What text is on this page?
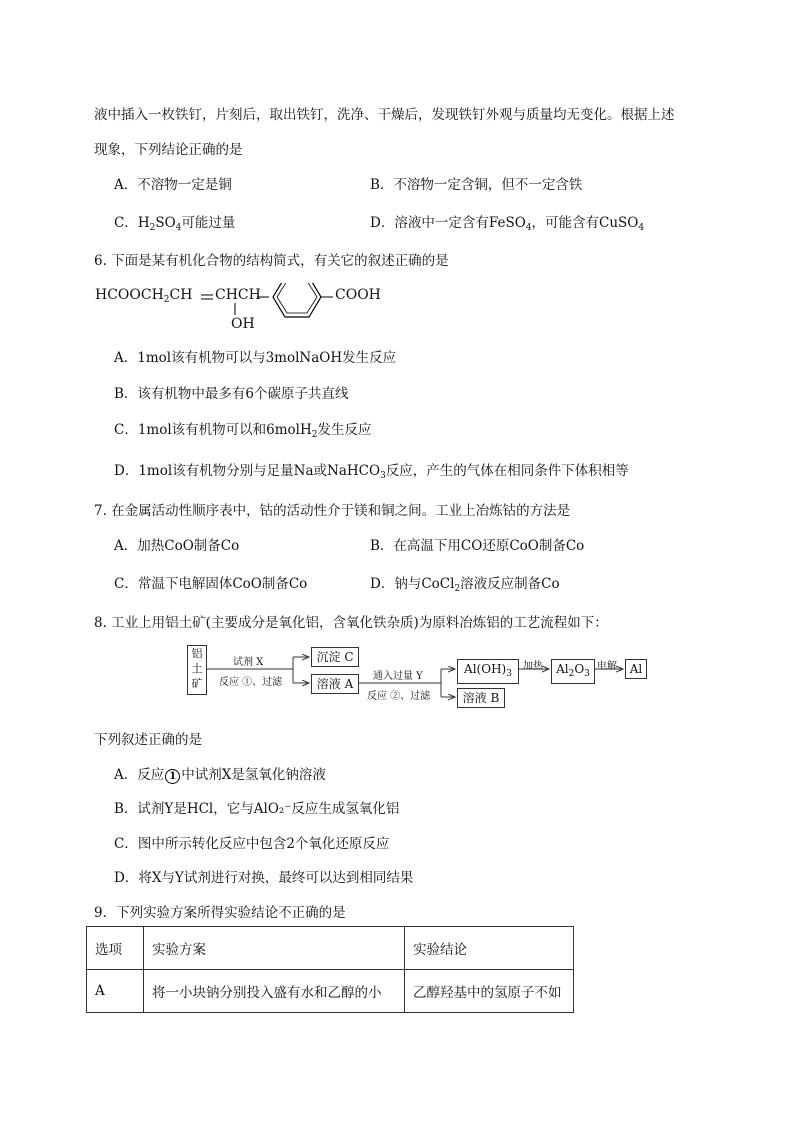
液中插入一枚铁钉，片刻后，取出铁钉，洗净、干燥后，发现铁钉外观与质量均无变化。根据上述
现象，下列结论正确的是
A．不溶物一定是铜	B．不溶物一定含铜，但不一定含铁
C．$H_2SO_4$可能过量	D．溶液中一定含有FeSO$_4$，可能含有CuSO$_4$
6. 下面是某有机化合物的结构简式，有关它的叙述正确的是
$HCOOCH_2CH$ CHCH	COOH
OH
A．1mol该有机物可以与3molNaOH发生反应
B．该有机物中最多有6个碳原子共直线
C．1mol该有机物可以和6molH$_2$发生反应
D．1mol该有机物分别与足量Na或NaHCO$_3$反应，产生的气体在相同条件下体积相等
7. 在金属活动性顺序表中，钴的活动性介于镁和铜之间。工业上冶炼钴的方法是
A．加热CoO制备Co	B．在高温下用CO还原CoO制备Co
C．常温下电解固体CoO制备Co	D．钠与CoCl$_2$溶液反应制备Co
8. 工业上用铝土矿(主要成分是氧化铝，含氧化铁杂质)为原料冶炼铝的工艺流程如下：
铝土矿
试剂 X
反应 ①、过滤
沉淀 C
溶液 A
通入过量 Y
反应 ②、过滤
$Al(OH)_3$
溶液 B
加热	$Al_2O_3$
电解	Al
下列叙述正确的是
A．反应 1 中试剂X是氢氧化钠溶液
B．试剂Y是HCl，它与AlO₂⁻反应生成氢氧化铝
C．图中所示转化反应中包含2个氧化还原反应
D．将X与Y试剂进行对换，最终可以达到相同结果
9．下列实验方案所得实验结论不正确的是
选项	实验方案	实验结论
A	将一小块钠分别投入盛有水和乙醇的小	乙醇羟基中的氢原子不如
